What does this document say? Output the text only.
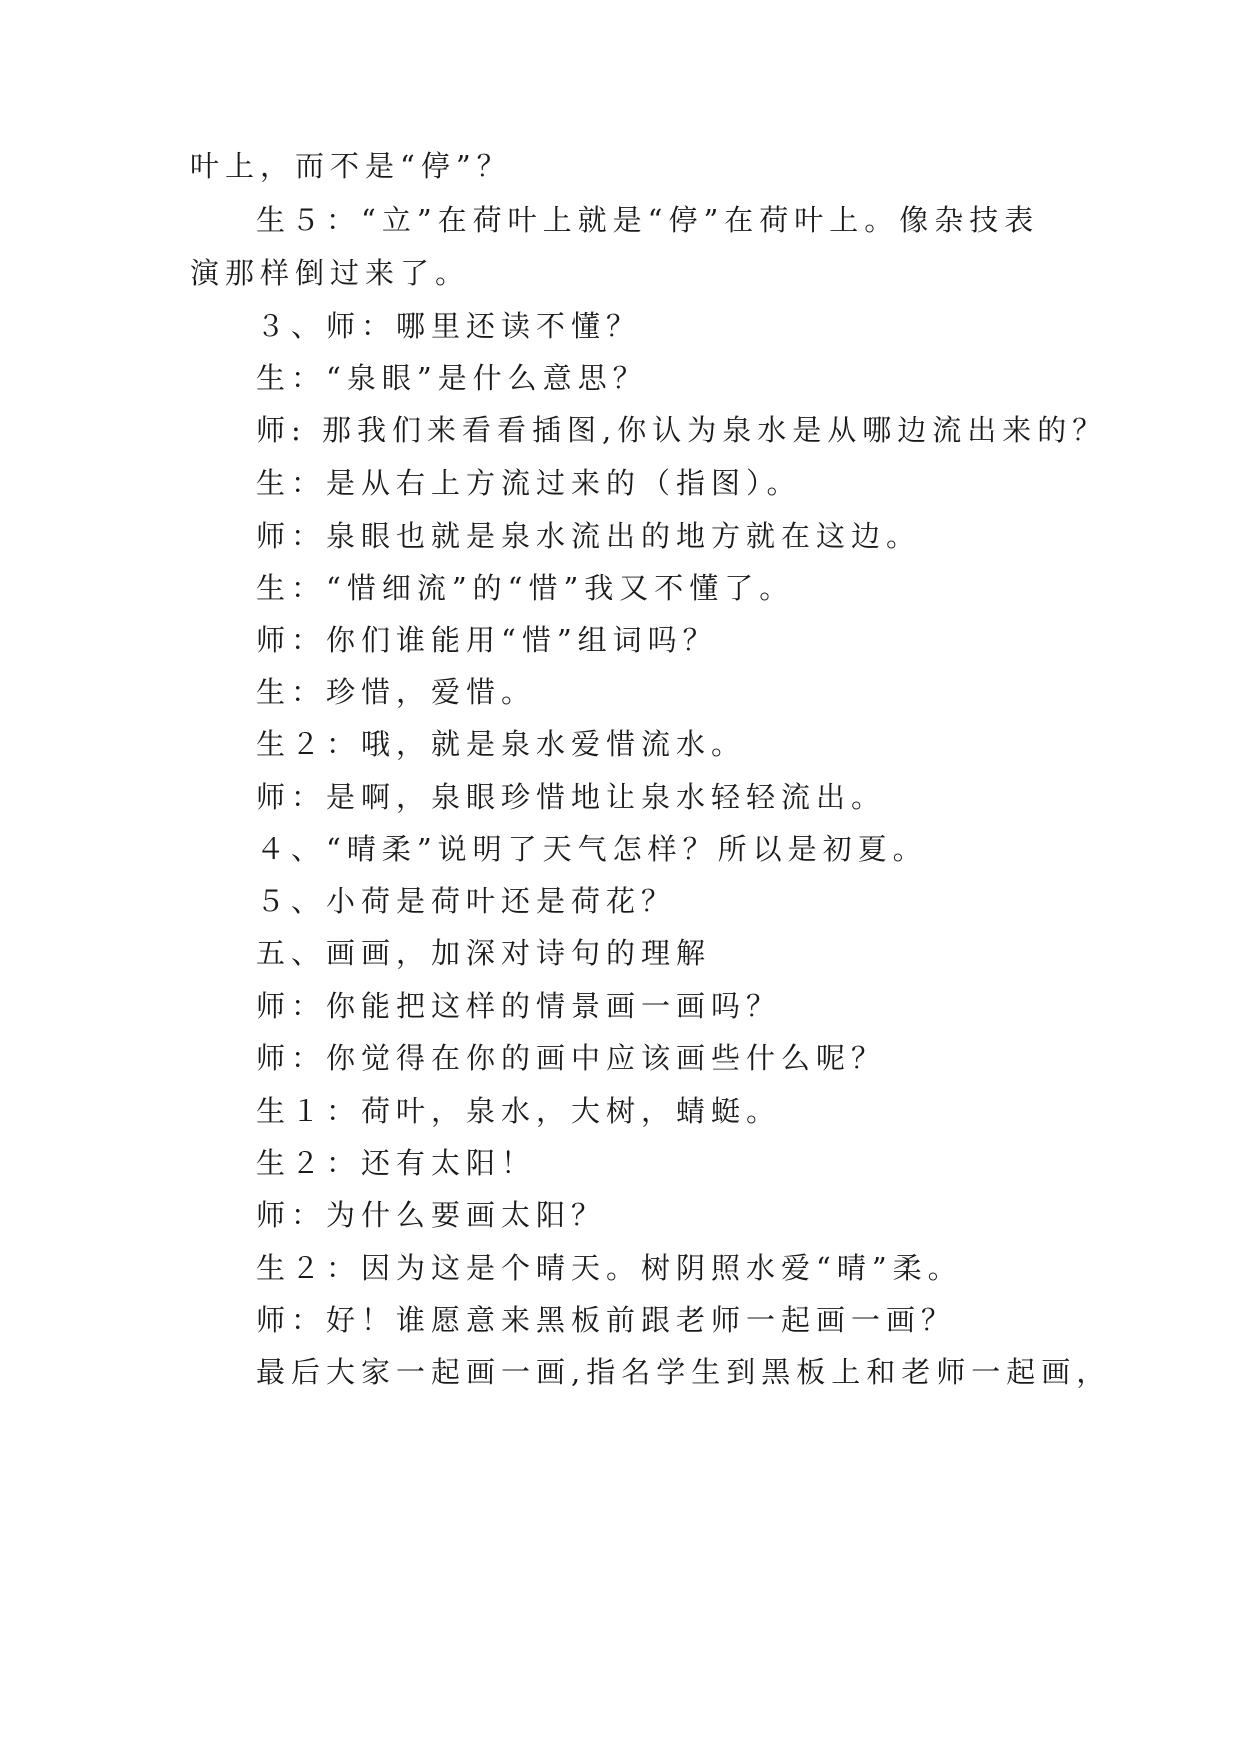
叶上，而不是“停”？
生５：“立”在荷叶上就是“停”在荷叶上。像杂技表
演那样倒过来了。
３、师：哪里还读不懂？
生：“泉眼”是什么意思？
师: 那我们来看看插图,你认为泉水是从哪边流出来的？
生：是从右上方流过来的（指图）。
师：泉眼也就是泉水流出的地方就在这边。
生：“惜细流”的“惜”我又不懂了。
师：你们谁能用“惜”组词吗？
生：珍惜，爱惜。
生２：哦，就是泉水爱惜流水。
师：是啊，泉眼珍惜地让泉水轻轻流出。
４、“晴柔”说明了天气怎样？所以是初夏。
５、小荷是荷叶还是荷花？
五、画画，加深对诗句的理解
师：你能把这样的情景画一画吗？
师：你觉得在你的画中应该画些什么呢？
生１：荷叶，泉水，大树，蜻蜓。
生２：还有太阳！
师：为什么要画太阳？
生２：因为这是个晴天。树阴照水爱“晴”柔。
师：好！谁愿意来黑板前跟老师一起画一画？
最后大家一起画一画,指名学生到黑板上和老师一起画，
